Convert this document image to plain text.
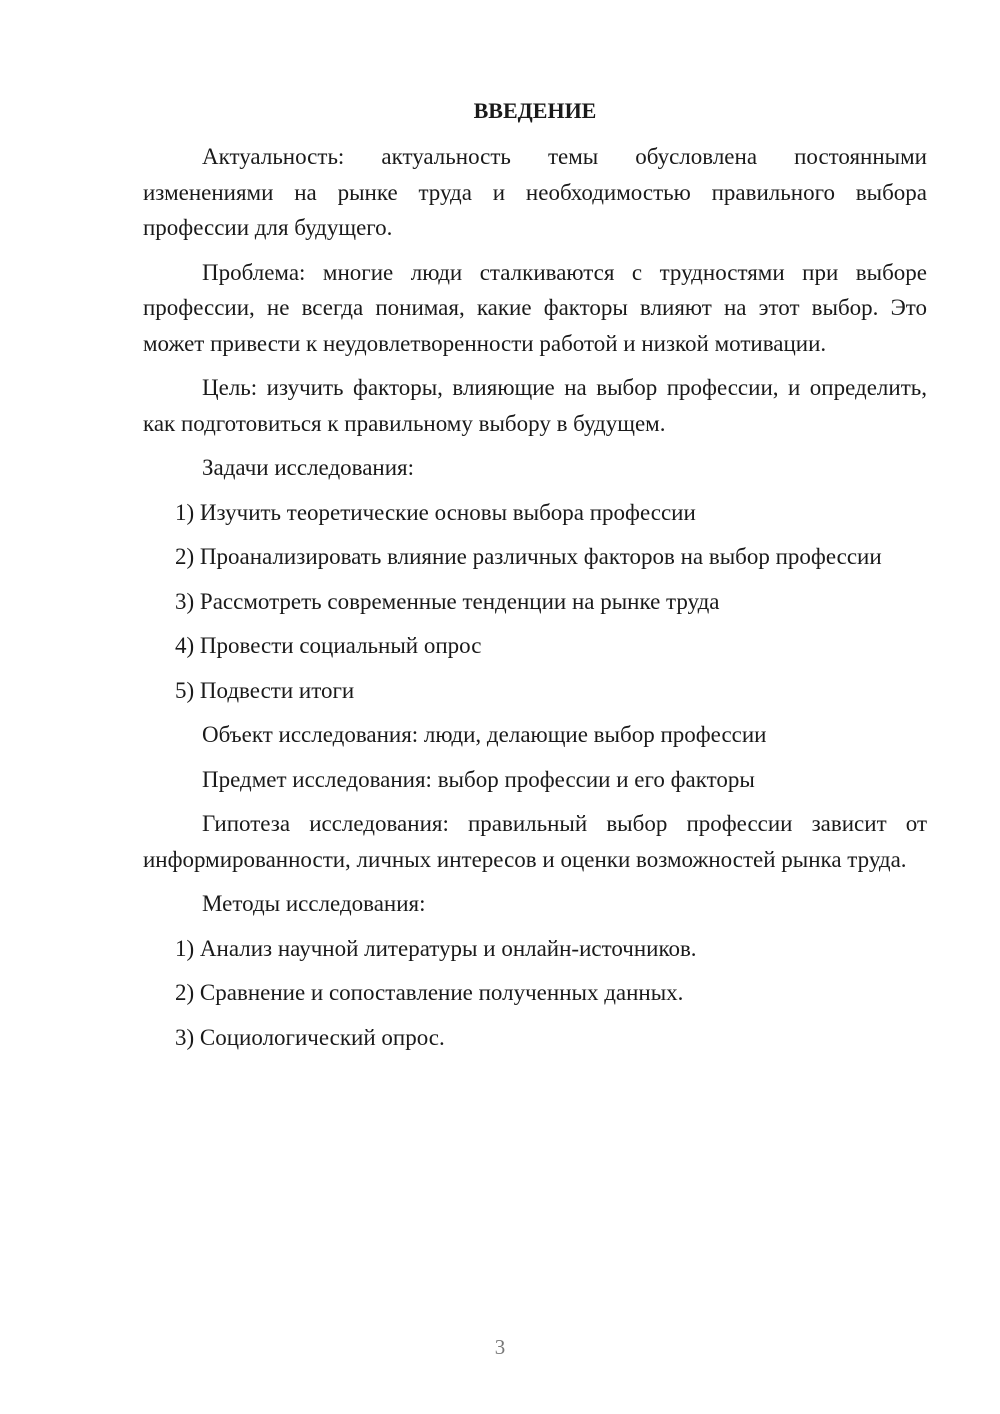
ВВЕДЕНИЕ

Актуальность: актуальность темы обусловлена постоянными изменениями на рынке труда и необходимостью правильного выбора профессии для будущего.

Проблема: многие люди сталкиваются с трудностями при выборе профессии, не всегда понимая, какие факторы влияют на этот выбор. Это может привести к неудовлетворенности работой и низкой мотивации.

Цель: изучить факторы, влияющие на выбор профессии, и определить, как подготовиться к правильному выбору в будущем.

Задачи исследования:

1) Изучить теоретические основы выбора профессии

2) Проанализировать влияние различных факторов на выбор профессии

3) Рассмотреть современные тенденции на рынке труда

4) Провести социальный опрос

5) Подвести итоги

Объект исследования: люди, делающие выбор профессии

Предмет исследования: выбор профессии и его факторы

Гипотеза исследования: правильный выбор профессии зависит от информированности, личных интересов и оценки возможностей рынка труда.

Методы исследования:

1) Анализ научной литературы и онлайн-источников.

2) Сравнение и сопоставление полученных данных.

3) Социологический опрос.

3
